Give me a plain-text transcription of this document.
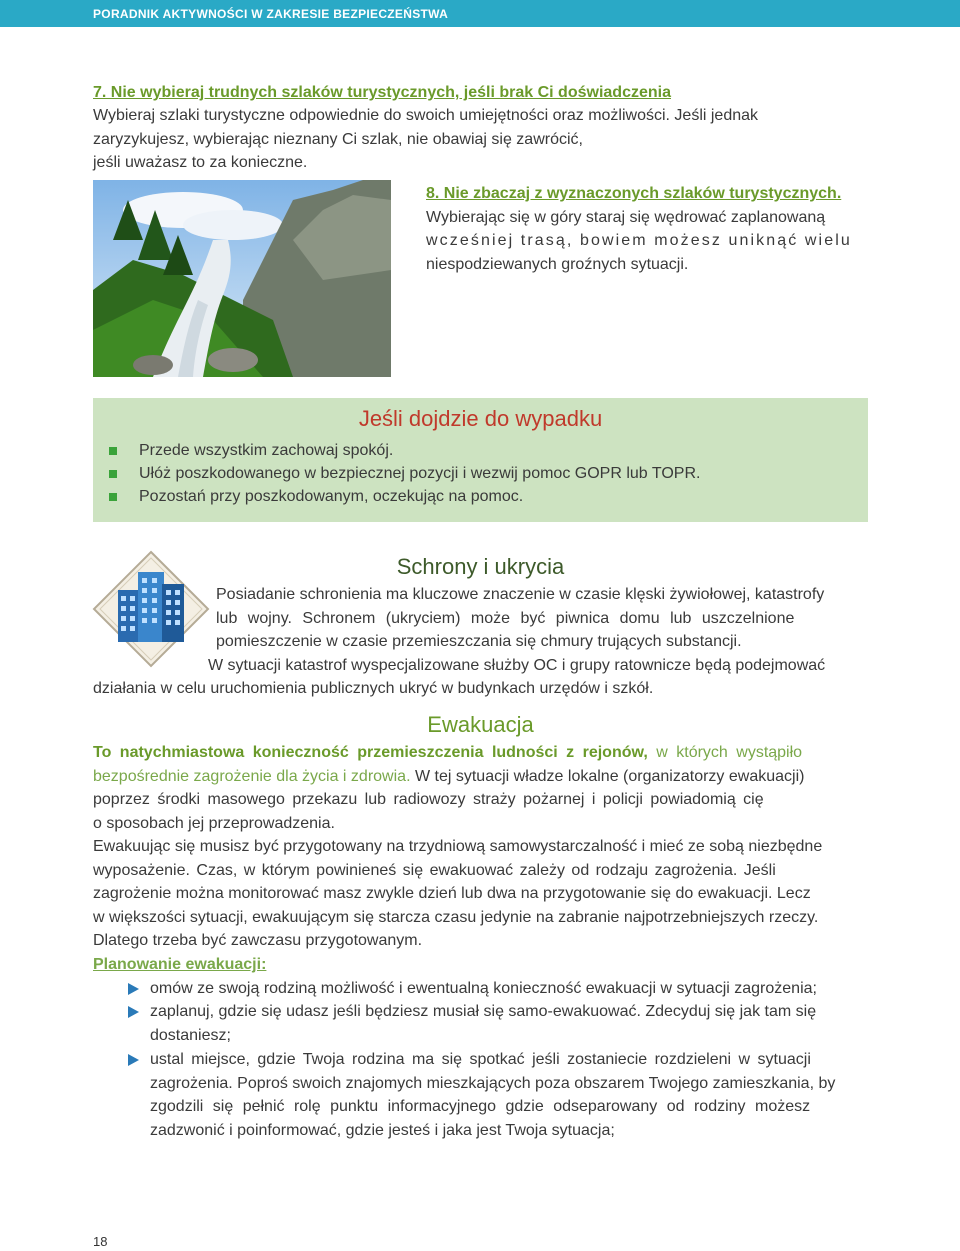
PORADNIK AKTYWNOŚCI W ZAKRESIE BEZPIECZEŃSTWA
7. Nie wybieraj trudnych szlaków turystycznych, jeśli brak Ci doświadczenia
Wybieraj szlaki turystyczne odpowiednie do swoich umiejętności oraz możliwości. Jeśli jednak
zaryzykujesz, wybierając nieznany Ci szlak, nie obawiaj się zawrócić,
jeśli uważasz to za konieczne.
8. Nie zbaczaj z wyznaczonych szlaków turystycznych.
Wybierając się w góry staraj się wędrować zaplanowaną
wcześniej trasą, bowiem możesz uniknąć wielu
niespodziewanych groźnych sytuacji.
Jeśli dojdzie do wypadku
Przede wszystkim zachowaj spokój.
Ułóż poszkodowanego w bezpiecznej pozycji i wezwij pomoc GOPR lub TOPR.
Pozostań przy poszkodowanym, oczekując na pomoc.
Schrony i ukrycia
Posiadanie schronienia ma kluczowe znaczenie w czasie klęski żywiołowej, katastrofy
lub wojny. Schronem (ukryciem) może być piwnica domu lub uszczelnione
pomieszczenie w czasie przemieszczania się chmury trujących substancji.
W sytuacji katastrof wyspecjalizowane służby OC i grupy ratownicze będą podejmować
działania w celu uruchomienia publicznych ukryć w budynkach urzędów i szkół.
Ewakuacja
To natychmiastowa konieczność przemieszczenia ludności z rejonów, w których wystąpiło
bezpośrednie zagrożenie dla życia i zdrowia. W tej sytuacji władze lokalne (organizatorzy ewakuacji)
poprzez środki masowego przekazu lub radiowozy straży pożarnej i policji powiadomią cię
o sposobach jej przeprowadzenia.
Ewakuując się musisz być przygotowany na trzydniową samowystarczalność i mieć ze sobą niezbędne
wyposażenie. Czas, w którym powinieneś się ewakuować zależy od rodzaju zagrożenia. Jeśli
zagrożenie można monitorować masz zwykle dzień lub dwa na przygotowanie się do ewakuacji. Lecz
w większości sytuacji, ewakuującym się starcza czasu jedynie na zabranie najpotrzebniejszych rzeczy.
Dlatego trzeba być zawczasu przygotowanym.
Planowanie ewakuacji:
omów ze swoją rodziną możliwość i ewentualną konieczność ewakuacji w sytuacji zagrożenia;
zaplanuj, gdzie się udasz jeśli będziesz musiał się samo-ewakuować. Zdecyduj się jak tam się
dostaniesz;
ustal miejsce, gdzie Twoja rodzina ma się spotkać jeśli zostaniecie rozdzieleni w sytuacji
zagrożenia. Poproś swoich znajomych mieszkających poza obszarem Twojego zamieszkania, by
zgodzili się pełnić rolę punktu informacyjnego gdzie odseparowany od rodziny możesz
zadzwonić i poinformować, gdzie jesteś i jaka jest Twoja sytuacja;
18
